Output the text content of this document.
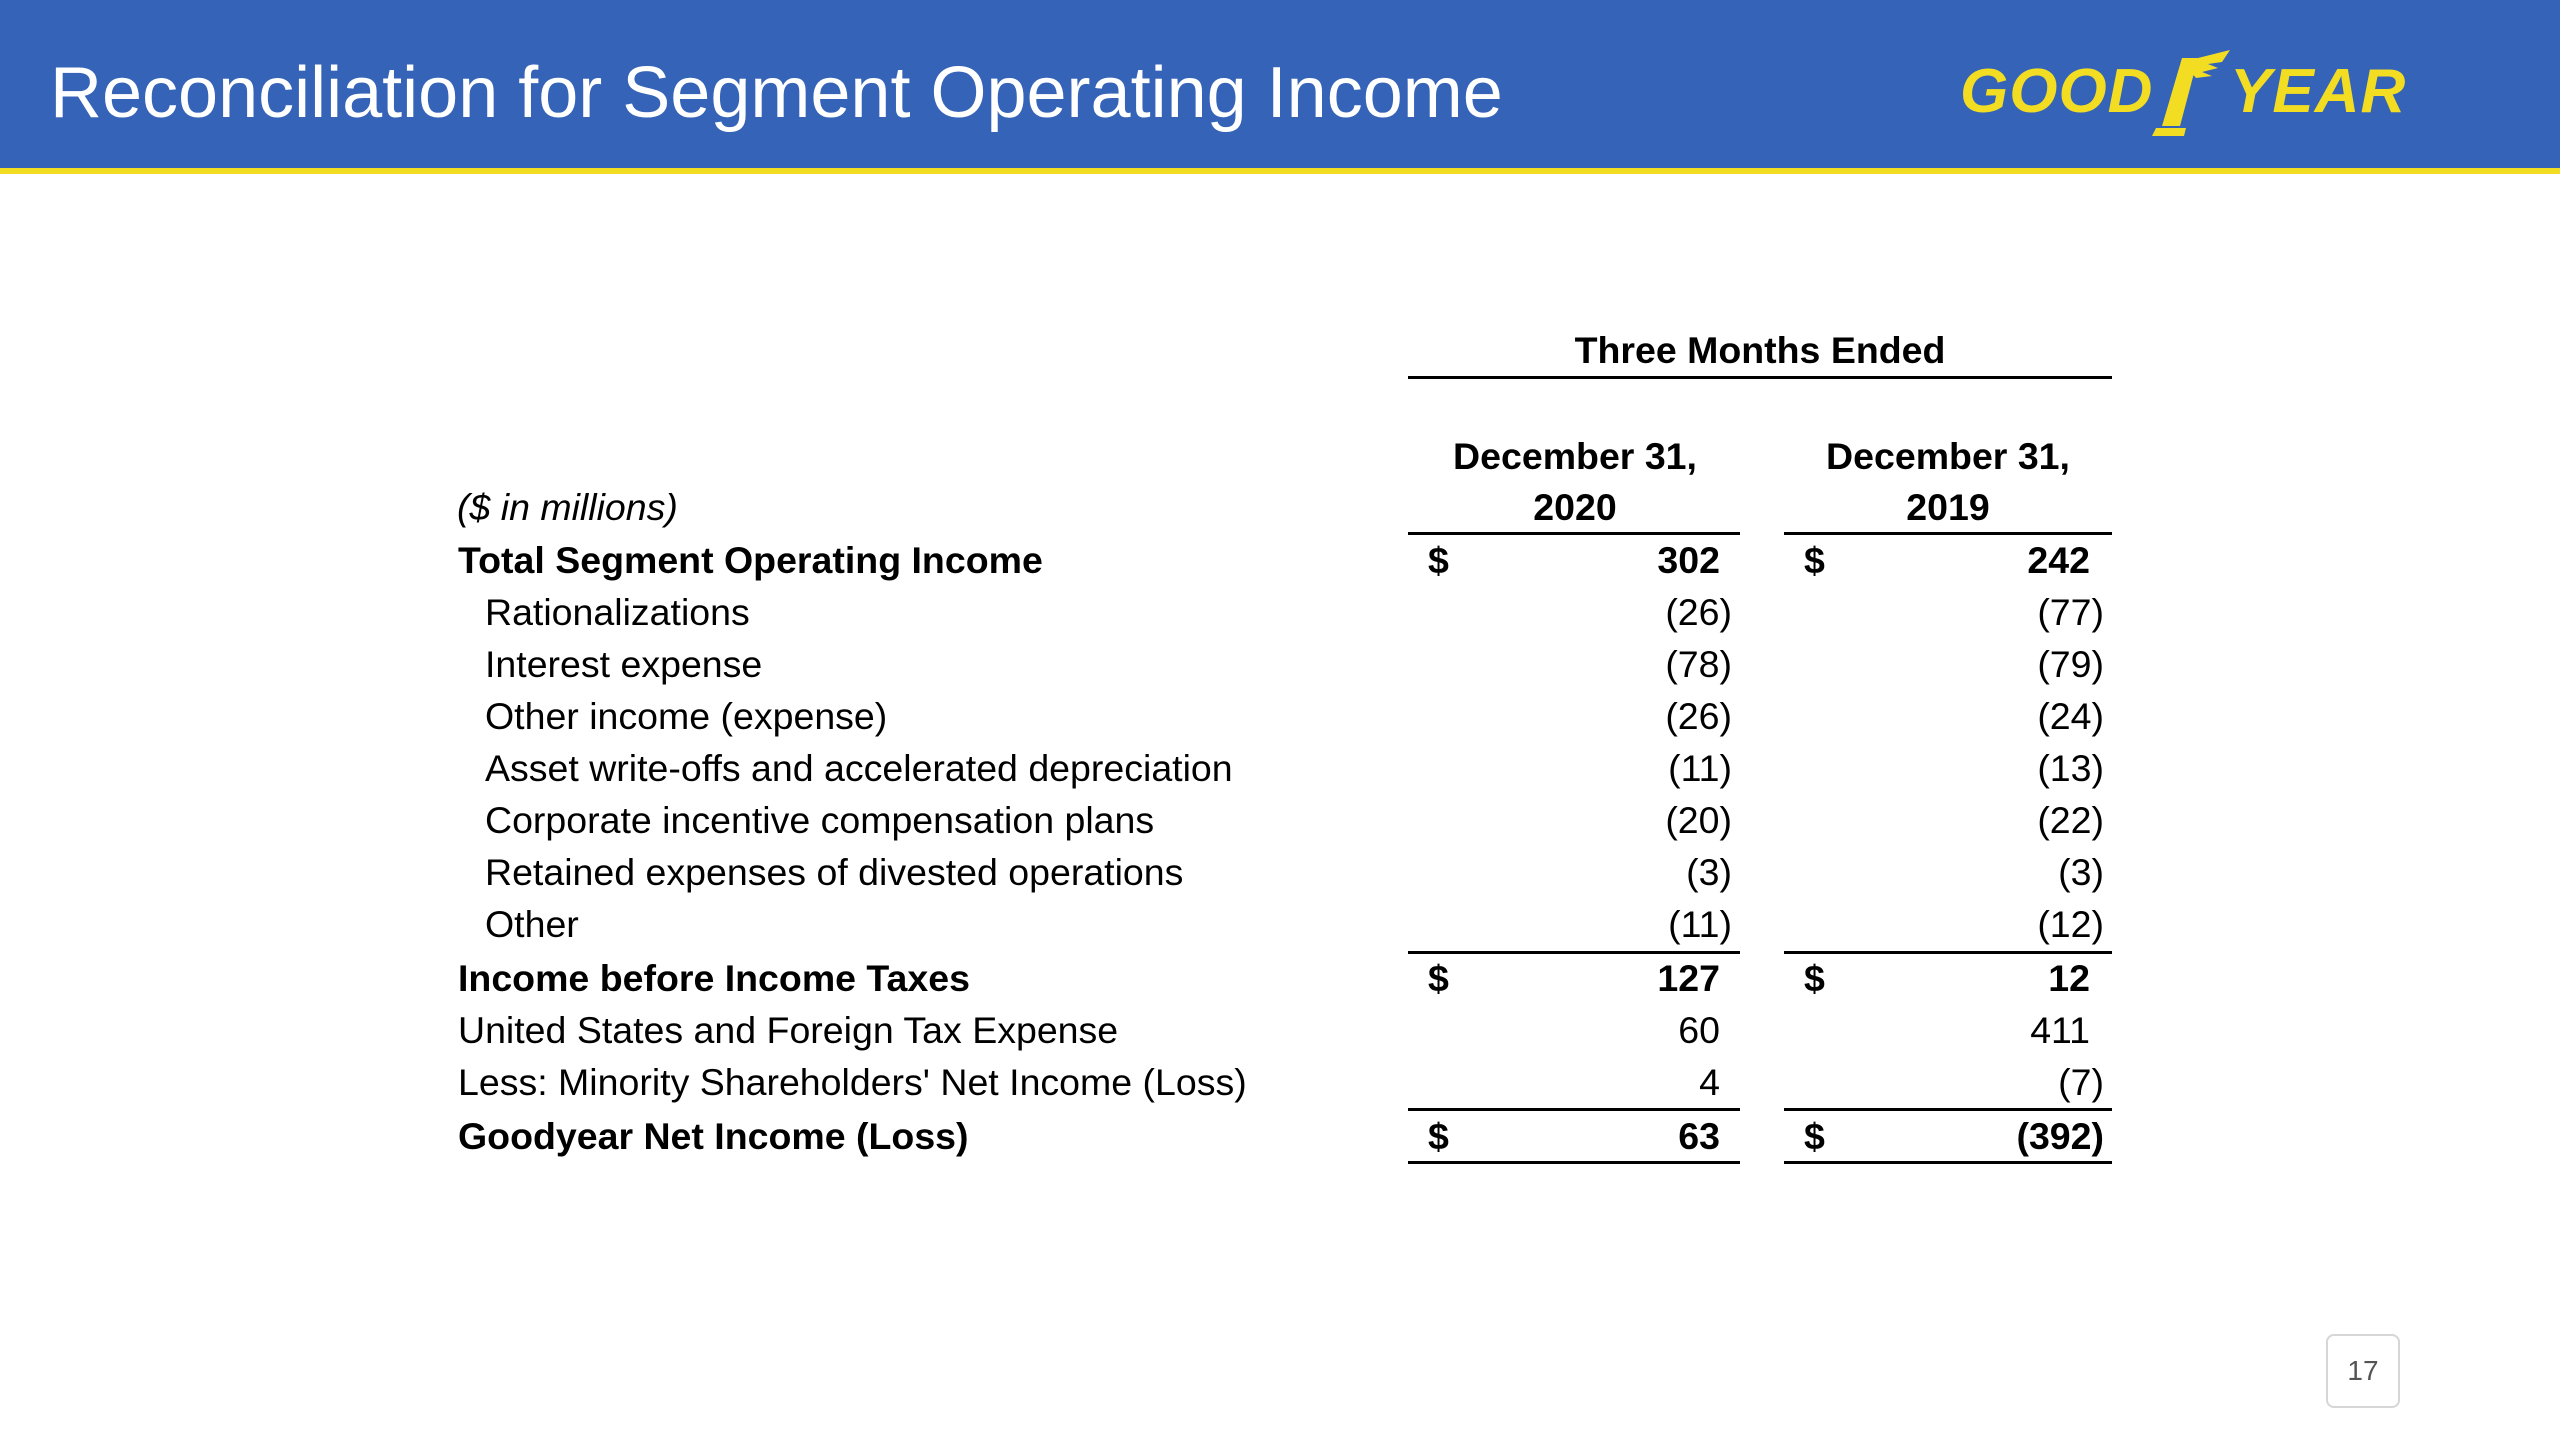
Reconciliation for Segment Operating Income	GOOD YEAR
Three Months Ended
December 31,
2020
December 31,
2019
($ in millions)
Total Segment Operating Income	$	302 $	242
Rationalizations	(26)	(77)
Interest expense	(78)	(79)
Other income (expense)	(26)	(24)
Asset write-offs and accelerated depreciation	(11)	(13)
Corporate incentive compensation plans	(20)	(22)
Retained expenses of divested operations	(3)	(3)
Other	(11)	(12)
Income before Income Taxes	$	127 $	12
United States and Foreign Tax Expense	60	411
Less: Minority Shareholders' Net Income (Loss)	4	(7)
Goodyear Net Income (Loss)	$	63 $	(392)
17
